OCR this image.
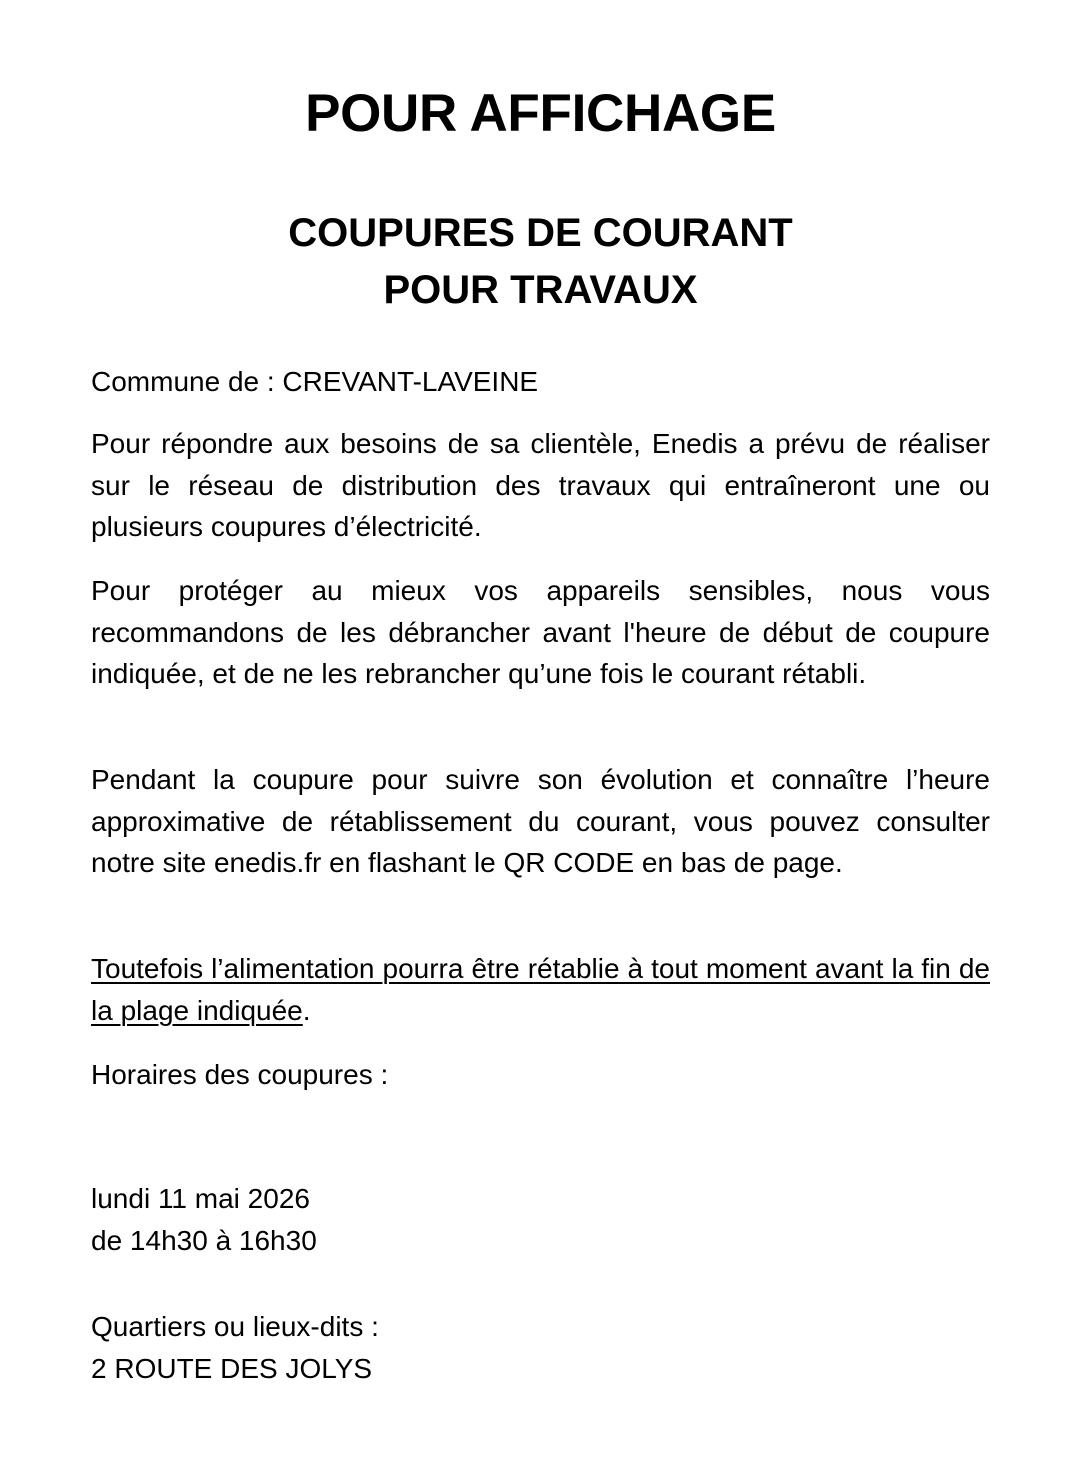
POUR AFFICHAGE
COUPURES DE COURANT
POUR TRAVAUX

Commune de : CREVANT-LAVEINE

Pour répondre aux besoins de sa clientèle, Enedis a prévu de réaliser sur le réseau de distribution des travaux qui entraîneront une ou plusieurs coupures d’électricité.

Pour protéger au mieux vos appareils sensibles, nous vous recommandons de les débrancher avant l'heure de début de coupure indiquée, et de ne les rebrancher qu’une fois le courant rétabli.

Pendant la coupure pour suivre son évolution et connaître l’heure approximative de rétablissement du courant, vous pouvez consulter notre site enedis.fr en flashant le QR CODE en bas de page.

Toutefois l’alimentation pourra être rétablie à tout moment avant la fin de la plage indiquée.

Horaires des coupures :

lundi 11 mai 2026
de 14h30 à 16h30

Quartiers ou lieux-dits :
2 ROUTE DES JOLYS
